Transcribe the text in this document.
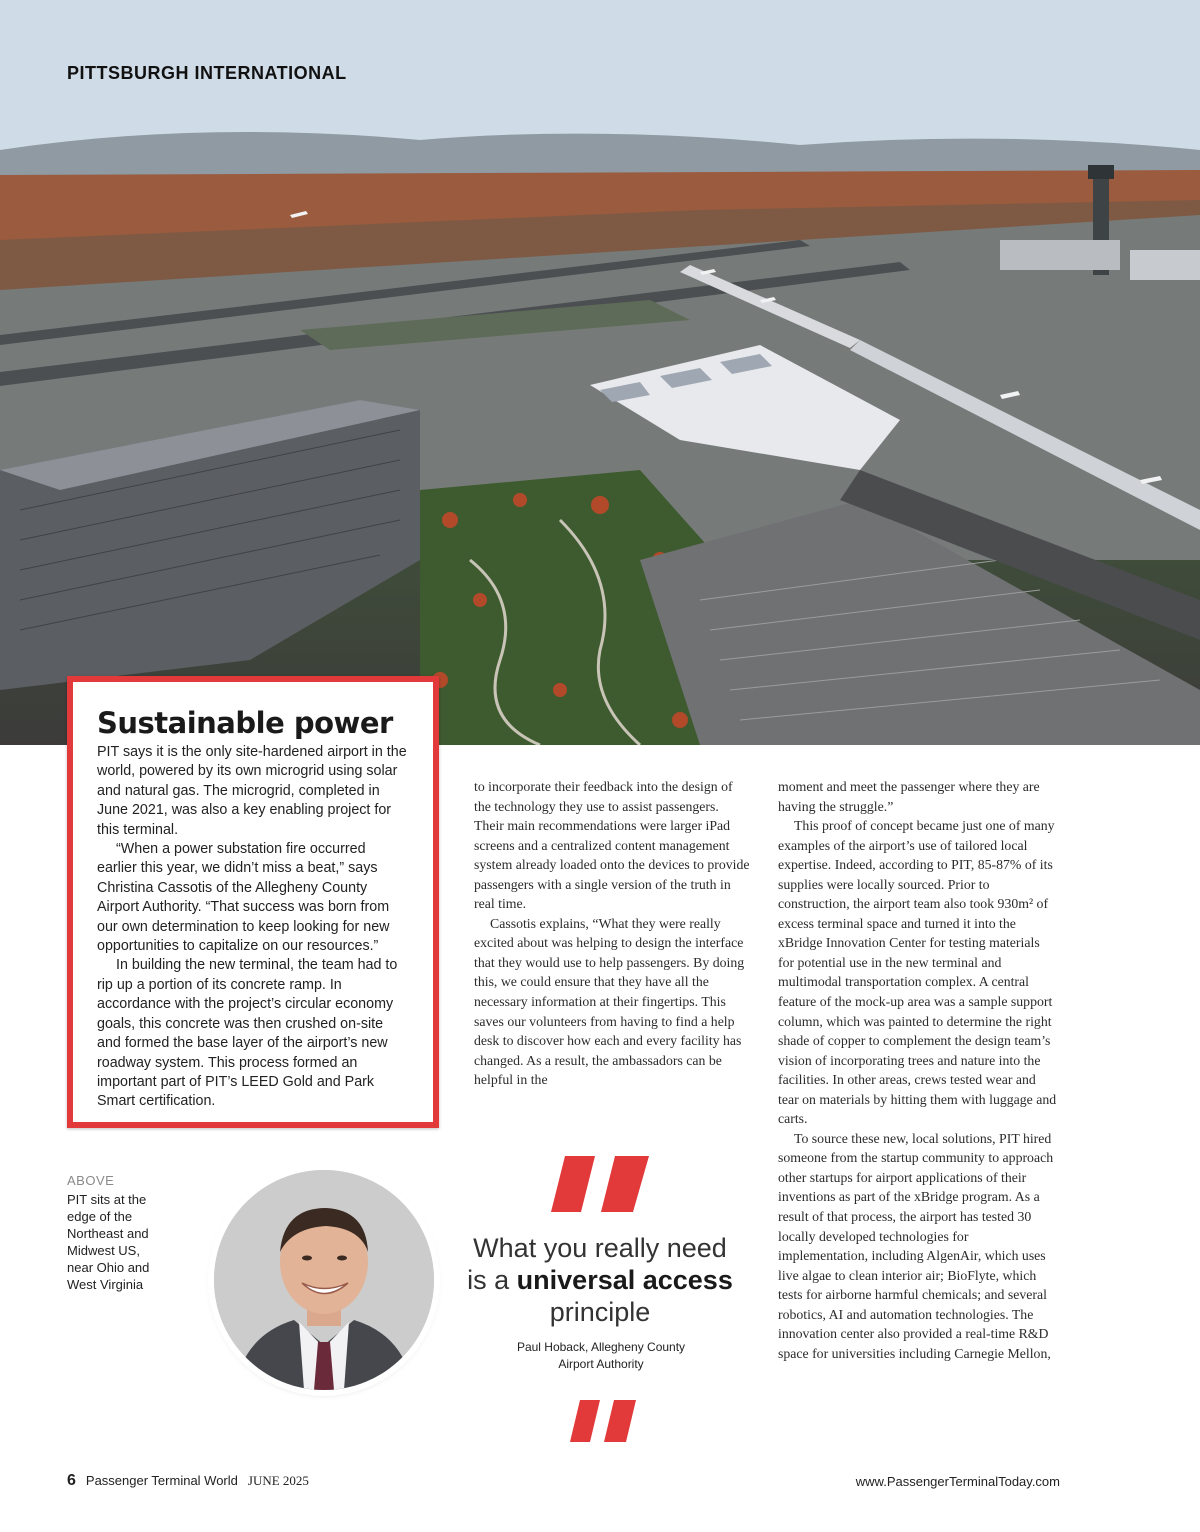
PITTSBURGH INTERNATIONAL
Sustainable power

PIT says it is the only site-hardened airport in the world, powered by its own microgrid using solar and natural gas. The microgrid, completed in June 2021, was also a key enabling project for this terminal.

“When a power substation fire occurred earlier this year, we didn’t miss a beat,” says Christina Cassotis of the Allegheny County Airport Authority. “That success was born from our own determination to keep looking for new opportunities to capitalize on our resources.”

In building the new terminal, the team had to rip up a portion of its concrete ramp. In accordance with the project’s circular economy goals, this concrete was then crushed on-site and formed the base layer of the airport’s new roadway system. This process formed an important part of PIT’s LEED Gold and Park Smart certification.

ABOVE
PIT sits at the edge of the Northeast and Midwest US, near Ohio and West Virginia

to incorporate their feedback into the design of the technology they use to assist passengers. Their main recommendations were larger iPad screens and a centralized content management system already loaded onto the devices to provide passengers with a single version of the truth in real time.

Cassotis explains, “What they were really excited about was helping to design the interface that they would use to help passengers. By doing this, we could ensure that they have all the necessary information at their fingertips. This saves our volunteers from having to find a help desk to discover how each and every facility has changed. As a result, the ambassadors can be helpful in the

moment and meet the passenger where they are having the struggle.”

This proof of concept became just one of many examples of the airport’s use of tailored local expertise. Indeed, according to PIT, 85-87% of its supplies were locally sourced. Prior to construction, the airport team also took 930m² of excess terminal space and turned it into the xBridge Innovation Center for testing materials for potential use in the new terminal and multimodal transportation complex. A central feature of the mock-up area was a sample support column, which was painted to determine the right shade of copper to complement the design team’s vision of incorporating trees and nature into the facilities. In other areas, crews tested wear and tear on materials by hitting them with luggage and carts.

To source these new, local solutions, PIT hired someone from the startup community to approach other startups for airport applications of their inventions as part of the xBridge program. As a result of that process, the airport has tested 30 locally developed technologies for implementation, including AlgenAir, which uses live algae to clean interior air; BioFlyte, which tests for airborne harmful chemicals; and several robotics, AI and automation technologies. The innovation center also provided a real-time R&D space for universities including Carnegie Mellon,

What you really need
is a universal access
principle
Paul Hoback, Allegheny County
Airport Authority
6 Passenger Terminal World JUNE 2025	www.PassengerTerminalToday.com
